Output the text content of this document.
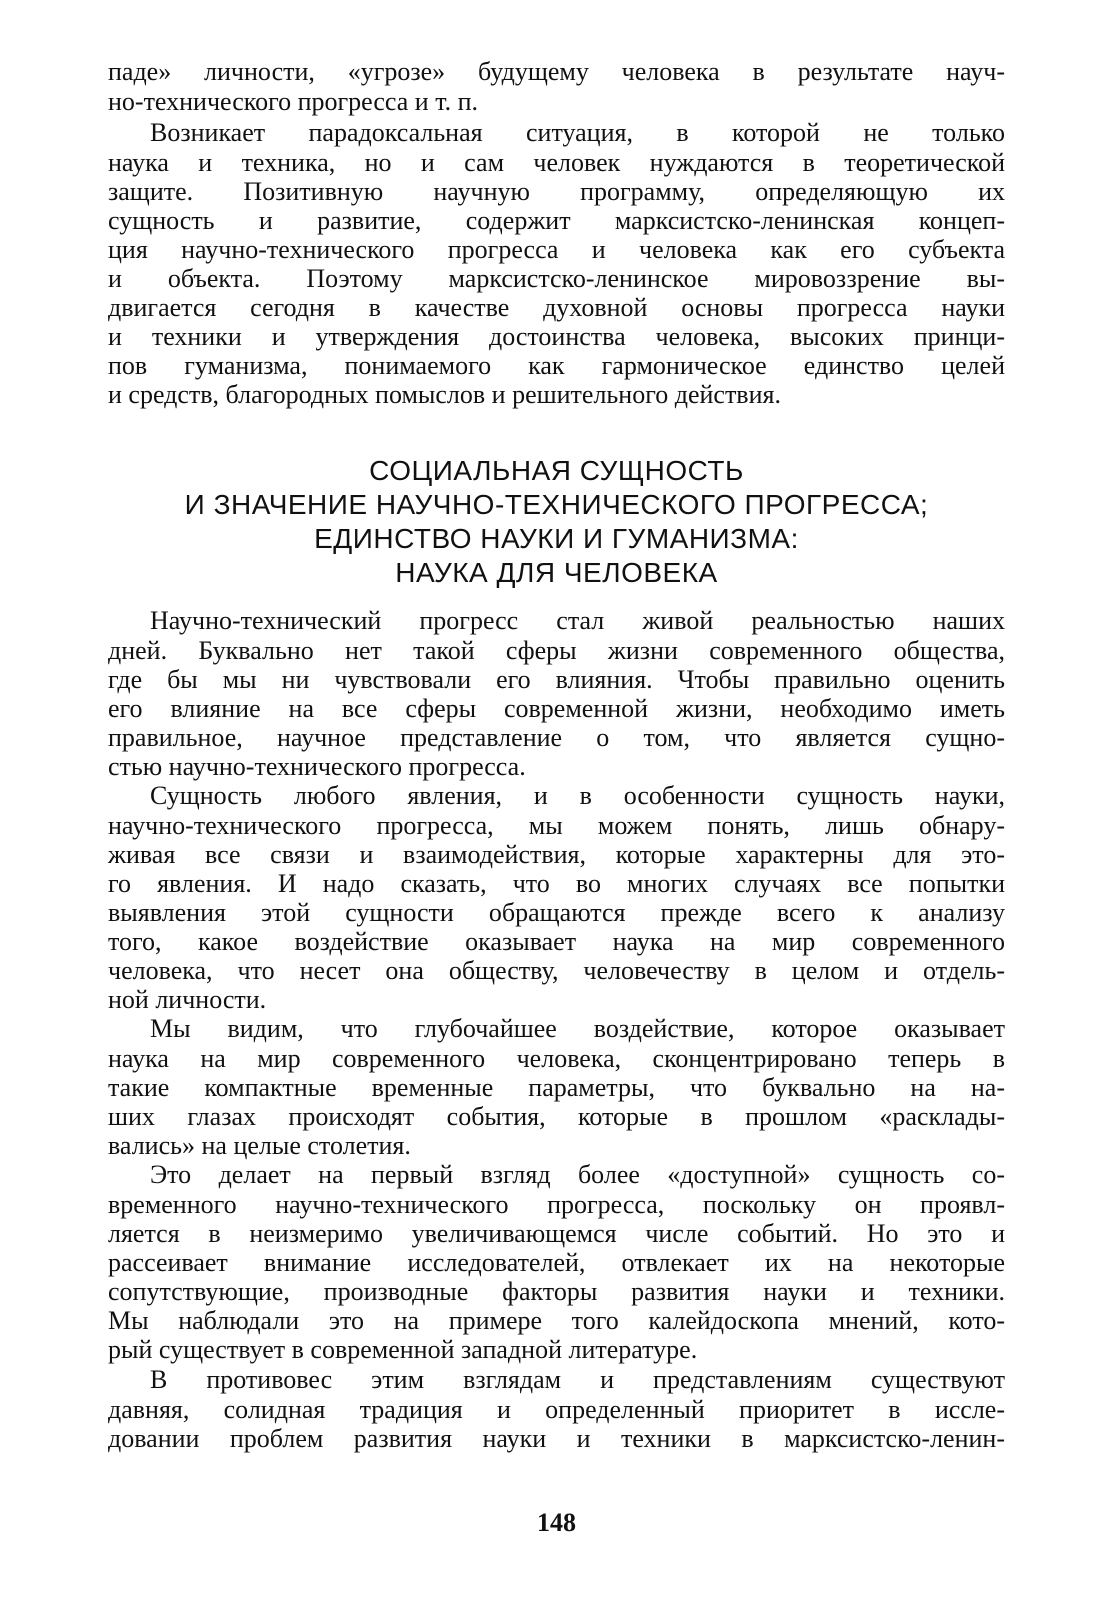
паде» личности, «угрозе» будущему человека в результате науч-
но-технического прогресса и т. п.
Возникает парадоксальная ситуация, в которой не только
наука и техника, но и сам человек нуждаются в теоретической
защите. Позитивную научную программу, определяющую их
сущность и развитие, содержит марксистско-ленинская концеп-
ция научно-технического прогресса и человека как его субъекта
и объекта. Поэтому марксистско-ленинское мировоззрение вы-
двигается сегодня в качестве духовной основы прогресса науки
и техники и утверждения достоинства человека, высоких принци-
пов гуманизма, понимаемого как гармоническое единство целей
и средств, благородных помыслов и решительного действия.
СОЦИАЛЬНАЯ СУЩНОСТЬ
И ЗНАЧЕНИЕ НАУЧНО-ТЕХНИЧЕСКОГО ПРОГРЕССА;
ЕДИНСТВО НАУКИ И ГУМАНИЗМА:
НАУКА ДЛЯ ЧЕЛОВЕКА
Научно-технический прогресс стал живой реальностью наших
дней. Буквально нет такой сферы жизни современного общества,
где бы мы ни чувствовали его влияния. Чтобы правильно оценить
его влияние на все сферы современной жизни, необходимо иметь
правильное, научное представление о том, что является сущно-
стью научно-технического прогресса.
Сущность любого явления, и в особенности сущность науки,
научно-технического прогресса, мы можем понять, лишь обнару-
живая все связи и взаимодействия, которые характерны для это-
го явления. И надо сказать, что во многих случаях все попытки
выявления этой сущности обращаются прежде всего к анализу
того, какое воздействие оказывает наука на мир современного
человека, что несет она обществу, человечеству в целом и отдель-
ной личности.
Мы видим, что глубочайшее воздействие, которое оказывает
наука на мир современного человека, сконцентрировано теперь в
такие компактные временные параметры, что буквально на на-
ших глазах происходят события, которые в прошлом «расклады-
вались» на целые столетия.
Это делает на первый взгляд более «доступной» сущность со-
временного научно-технического прогресса, поскольку он проявл-
ляется в неизмеримо увеличивающемся числе событий. Но это и
рассеивает внимание исследователей, отвлекает их на некоторые
сопутствующие, производные факторы развития науки и техники.
Мы наблюдали это на примере того калейдоскопа мнений, кото-
рый существует в современной западной литературе.
В противовес этим взглядам и представлениям существуют
давняя, солидная традиция и определенный приоритет в иссле-
довании проблем развития науки и техники в марксистско-ленин-
148
